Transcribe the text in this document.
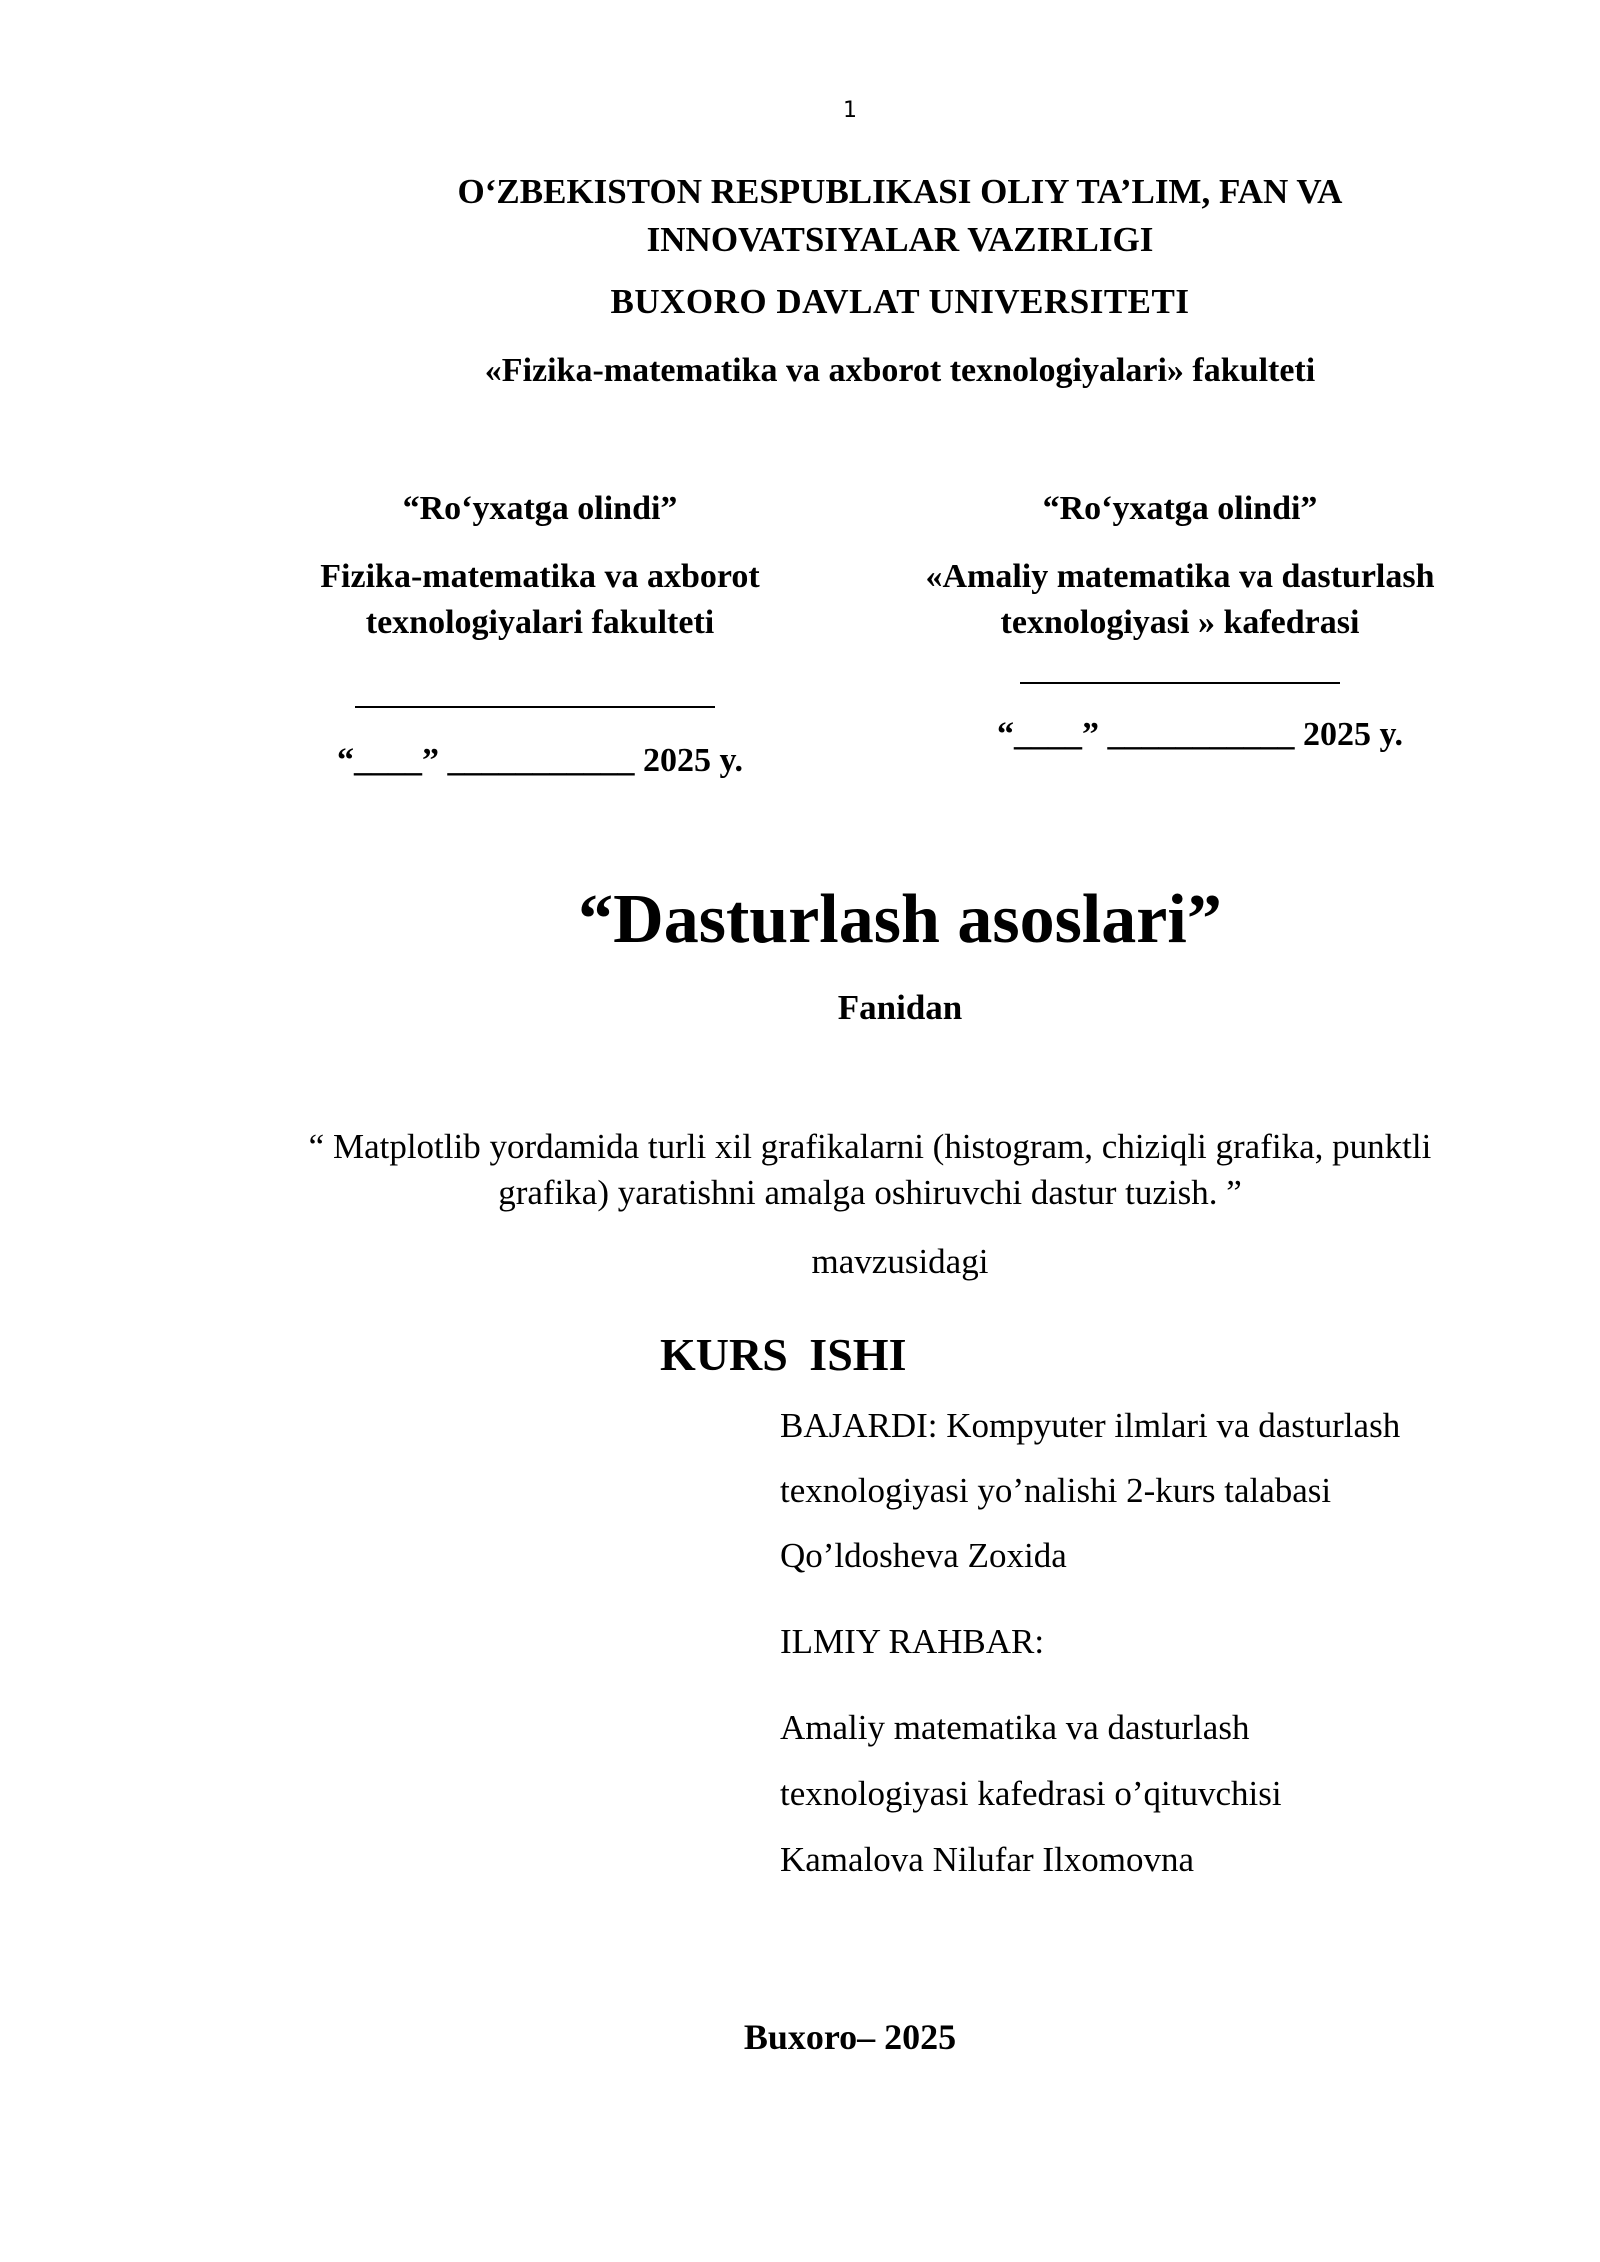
1
O‘ZBEKISTON RESPUBLIKASI OLIY TA’LIM, FAN VA
INNOVATSIYALAR VAZIRLIGI
BUXORO DAVLAT UNIVERSITETI
«Fizika-matematika va axborot texnologiyalari» fakulteti
“Ro‘yxatga olindi”
Fizika-matematika va axborot
texnologiyalari fakulteti
“____” ___________ 2025 y.
“Ro‘yxatga olindi”
«Amaliy matematika va dasturlash
texnologiyasi » kafedrasi
“____” ___________ 2025 y.
“Dasturlash asoslari”
Fanidan
“ Matplotlib yordamida turli xil grafikalarni (histogram, chiziqli grafika, punktli
grafika) yaratishni amalga oshiruvchi dastur tuzish. ”
mavzusidagi
KURS ISHI
BAJARDI: Kompyuter ilmlari va dasturlash
texnologiyasi yo’nalishi 2-kurs talabasi
Qo’ldosheva Zoxida
ILMIY RAHBAR:
Amaliy matematika va dasturlash
texnologiyasi kafedrasi o’qituvchisi
Kamalova Nilufar Ilxomovna
Buxoro– 2025
